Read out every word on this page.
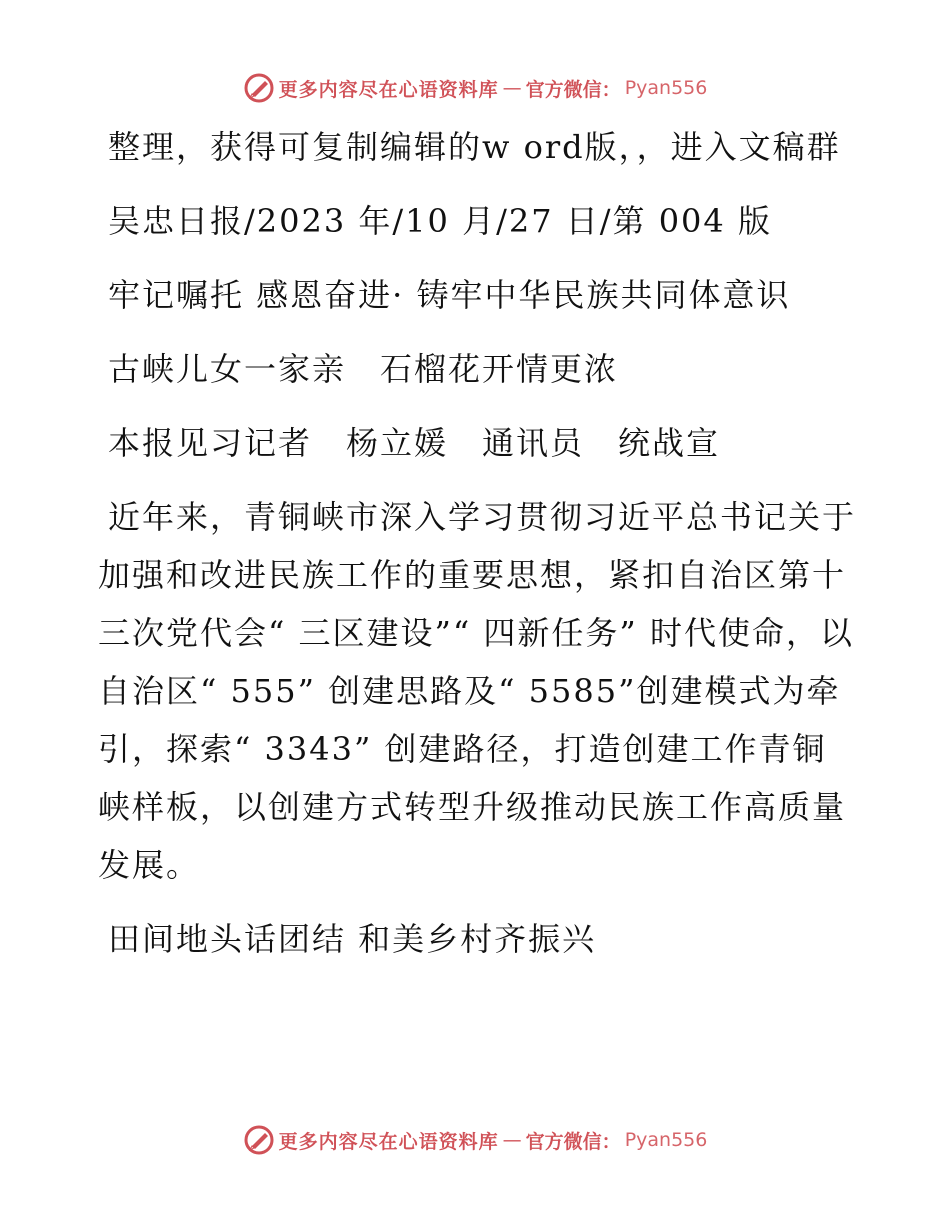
更多内容尽在心语资料库 — 官方微信： Pyan556

整理，获得可复制编辑的w ord版，，进入文稿群

吴忠日报/2023 年/10 月/27 日/第 004 版

牢记嘱托 感恩奋进· 铸牢中华民族共同体意识

古峡儿女一家亲　石榴花开情更浓

本报见习记者　杨立媛　通讯员　统战宣

近年来，青铜峡市深入学习贯彻习近平总书记关于加强和改进民族工作的重要思想，紧扣自治区第十三次党代会“ 三区建设”“ 四新任务” 时代使命，以自治区“ 555” 创建思路及“ 5585”创建模式为牵引，探索“ 3343” 创建路径，打造创建工作青铜峡样板，以创建方式转型升级推动民族工作高质量发展。

田间地头话团结 和美乡村齐振兴

更多内容尽在心语资料库 — 官方微信： Pyan556
